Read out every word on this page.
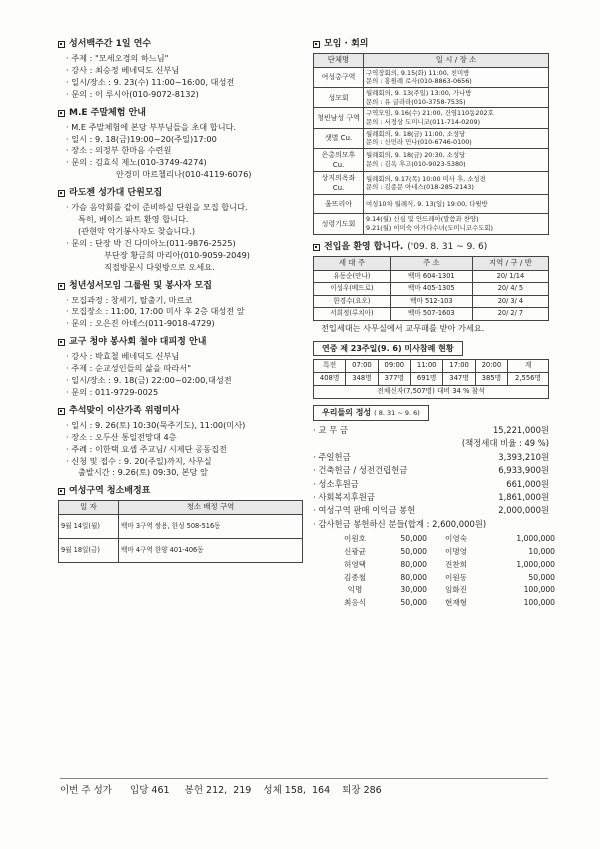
성서백주간 1일 연수
· 주제 : "모세오경의 하느님"
· 강사 : 최승정 베네딕도 신부님
· 일시/장소 : 9. 23(수) 11:00~16:00, 대성전
· 문의 : 이 루시아(010-9072-8132)
M.E 주말체험 안내
· M.E 주말체험에 본당 부부님들을 초대 합니다.
· 일시 : 9. 18(금)19:00~20(주일)17:00
· 장소 : 의정부 한마음 수련원
· 문의 : 김효식 제노(010-3749-4274)
안경미 마르첼리나(010-4119-6076)
라도젠 성가대 단원모집
· 가슴 음악회를 같이 준비하실 단원을 모집 합니다.
특히, 베이스 파트 환영 합니다.
(관현악 악기봉사자도 찾습니다.)
· 문의 : 단장 박 건 다미아노(011-9876-2525)
부단장 황금희 마리아(010-9059-2049)
직접방문시 다윗방으로 오세요.
청년성서모임 그룹원 및 봉사자 모집
· 모집과정 : 창세기, 탈출기, 마르코
· 모집장소 : 11:00, 17:00 미사 후 2층 대성전 앞
· 문의 : 오은진 아녜스(011-9018-4729)
교구 청야 봉사회 철야 대피정 안내
· 강사 : 박효철 베네딕도 신부님
· 주제 : 순교성인들의 삶을 따라서"
· 일시/장소 : 9. 18(금) 22:00~02:00,대성전
· 문의 : 011-9729-0025
추석맞이 이산가족 위령미사
· 일시 : 9. 26(토) 10:30(묵주기도), 11:00(미사)
· 장소 : 오두산 통일전망대 4층
· 주례 : 이한택 요셉 주교님/ 시제단 공동집전
· 신청 및 접수 : 9. 20(주일)까지, 사무실
출발시간 : 9.26(토) 09:30, 본당 앞
여성구역 청소배정표
일 자	청소 배정 구역
9월 14일(월)	백마 3구역 쌍용, 한성 508-516동
9월 18일(금)	백마 4구역 한양 401-406동
모임 · 회의
단체명	일 시 / 장 소
여성총구역	구역장회의, 9.15(화) 11:00, 친미방
문의 : 홍원례 로사(010-8863-0656)
성모회	월례회의, 9. 13(주일) 13:00, 가나방
문의 : 유 글라라(010-3758-7535)
청빈남성 구역	구역모임, 9.16(수) 21:00, 건영110동202호
문의 : 서정상 도미니코(011-714-0209)
샛별 Cu.	월례회의, 9. 18(금) 11:00, 소성당
문의 : 신민라 민나(010-6746-0100)
은총의모후 Cu.	월례회의, 9. 18(금) 20:30, 소성당
문의 : 김옥 후고(010-9023-5380)
상지의옥좌Cu.	월례회의, 9.17(목) 10:00 미사 후, 소성전
문의 : 김종문 아네스(018-285-2143)
울뜨리아	여성10차 월례식, 9. 13(일) 19:00, 다윗방
성령기도회	9.14(월) 신심 및 안드레아(말씀과 찬양)
9.21(월) 이미숙 아가다수녀(도미니코수도회)
전입을 환영 합니다. ('09. 8. 31 ~ 9. 6)
세 대 주	주 소	지역 / 구 / 반
유동순(안나)	백마 604-1301	20/ 1/14
이성우(베드로)	백마 405-1305	20/ 4/ 5
한경수(요오)	백마 512-103	20/ 3/ 4
서희정(루치아)	백마 507-1603	20/ 2/ 7
전입세대는 사무실에서 교무패를 받아 가세요.
연중 제 23주일(9. 6) 미사참례 현황
특전	07:00	09:00	11:00	17:00	20:00	계
408명	348명	377명	691명	347명	385명	2,556명
전체신자(7,507명) 대비 34 % 참석						
우리들의 정성 ( 8. 31 ~ 9. 6)
· 교 무 금	15,221,000원
(책정세대 비율 : 49 %)
· 주일헌금	3,393,210원
· 건축헌금 / 성전건립헌금	6,933,900원
· 성소후원금	661,000원
· 사회복지후원금	1,861,000원
· 여성구역 판매 이익금 봉헌	2,000,000원
· 감사헌금 봉헌하신 분들(합계 : 2,600,000원)
이원호	50,000	이영숙	1,000,000
신광균	50,000	이명영	10,000
허영택	80,000	진찬희	1,000,000
김종철	80,000	이원동	50,000
익명	30,000	임화진	100,000
최응식	50,000	현재형	100,000
이번 주 성가      입당 461     봉헌 212,  219    성체 158,  164    퇴장 286
